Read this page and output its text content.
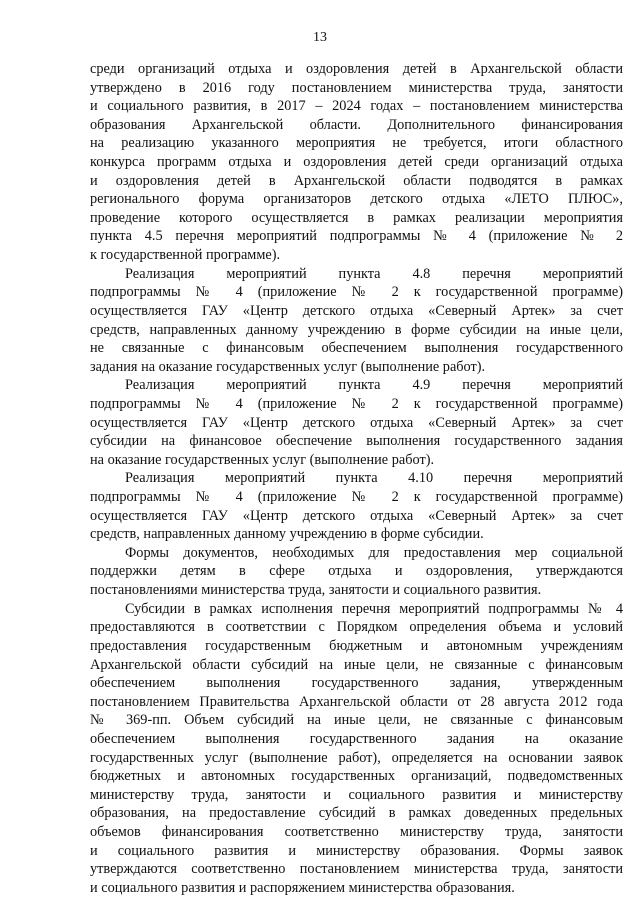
13
среди организаций отдыха и оздоровления детей в Архангельской области
утверждено в 2016 году постановлением министерства труда, занятости
и социального развития, в 2017 – 2024 годах – постановлением министерства
образования Архангельской области. Дополнительного финансирования
на реализацию указанного мероприятия не требуется, итоги областного
конкурса программ отдыха и оздоровления детей среди организаций отдыха
и оздоровления детей в Архангельской области подводятся в рамках
регионального форума организаторов детского отдыха «ЛЕТО ПЛЮС»,
проведение которого осуществляется в рамках реализации мероприятия
пункта 4.5 перечня мероприятий подпрограммы № 4 (приложение № 2
к государственной программе).
Реализация мероприятий пункта 4.8 перечня мероприятий
подпрограммы № 4 (приложение № 2 к государственной программе)
осуществляется ГАУ «Центр детского отдыха «Северный Артек» за счет
средств, направленных данному учреждению в форме субсидии на иные цели,
не связанные с финансовым обеспечением выполнения государственного
задания на оказание государственных услуг (выполнение работ).
Реализация мероприятий пункта 4.9 перечня мероприятий
подпрограммы № 4 (приложение № 2 к государственной программе)
осуществляется ГАУ «Центр детского отдыха «Северный Артек» за счет
субсидии на финансовое обеспечение выполнения государственного задания
на оказание государственных услуг (выполнение работ).
Реализация мероприятий пункта 4.10 перечня мероприятий
подпрограммы № 4 (приложение № 2 к государственной программе)
осуществляется ГАУ «Центр детского отдыха «Северный Артек» за счет
средств, направленных данному учреждению в форме субсидии.
Формы документов, необходимых для предоставления мер социальной
поддержки детям в сфере отдыха и оздоровления, утверждаются
постановлениями министерства труда, занятости и социального развития.
Субсидии в рамках исполнения перечня мероприятий подпрограммы № 4
предоставляются в соответствии с Порядком определения объема и условий
предоставления государственным бюджетным и автономным учреждениям
Архангельской области субсидий на иные цели, не связанные с финансовым
обеспечением выполнения государственного задания, утвержденным
постановлением Правительства Архангельской области от 28 августа 2012 года
№ 369-пп. Объем субсидий на иные цели, не связанные с финансовым
обеспечением выполнения государственного задания на оказание
государственных услуг (выполнение работ), определяется на основании заявок
бюджетных и автономных государственных организаций, подведомственных
министерству труда, занятости и социального развития и министерству
образования, на предоставление субсидий в рамках доведенных предельных
объемов финансирования соответственно министерству труда, занятости
и социального развития и министерству образования. Формы заявок
утверждаются соответственно постановлением министерства труда, занятости
и социального развития и распоряжением министерства образования.
